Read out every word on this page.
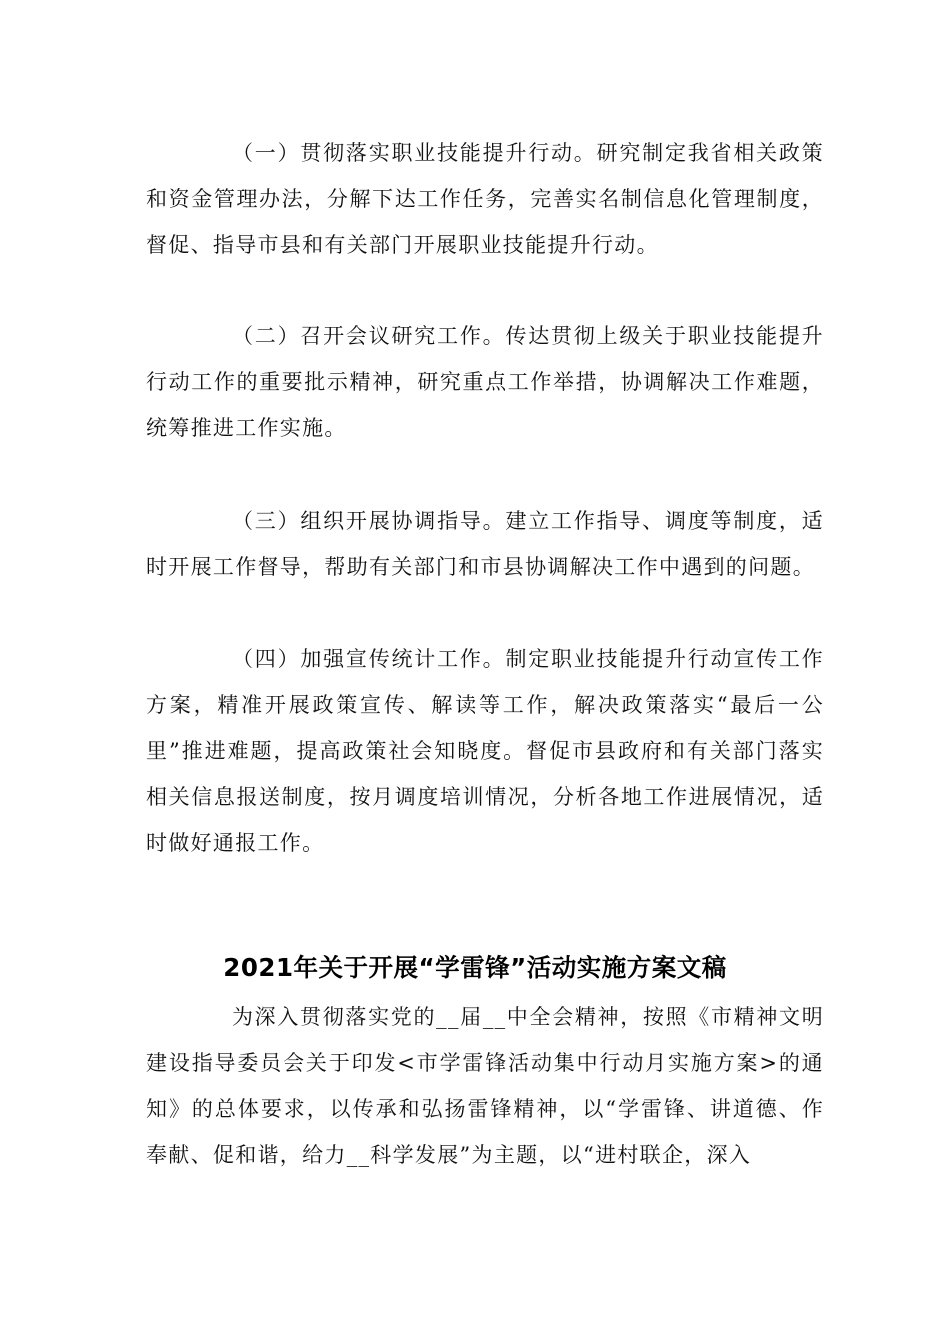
（一）贯彻落实职业技能提升行动。研究制定我省相关政策和资金管理办法，分解下达工作任务，完善实名制信息化管理制度，督促、指导市县和有关部门开展职业技能提升行动。

（二）召开会议研究工作。传达贯彻上级关于职业技能提升行动工作的重要批示精神，研究重点工作举措，协调解决工作难题，统筹推进工作实施。

（三）组织开展协调指导。建立工作指导、调度等制度，适时开展工作督导，帮助有关部门和市县协调解决工作中遇到的问题。

（四）加强宣传统计工作。制定职业技能提升行动宣传工作方案，精准开展政策宣传、解读等工作，解决政策落实“最后一公里”推进难题，提高政策社会知晓度。督促市县政府和有关部门落实相关信息报送制度，按月调度培训情况，分析各地工作进展情况，适时做好通报工作。

2021年关于开展“学雷锋”活动实施方案文稿

为深入贯彻落实党的__届__中全会精神，按照《市精神文明建设指导委员会关于印发<市学雷锋活动集中行动月实施方案>的通知》的总体要求，以传承和弘扬雷锋精神，以“学雷锋、讲道德、作奉献、促和谐，给力__科学发展”为主题，以“进村联企，深入
